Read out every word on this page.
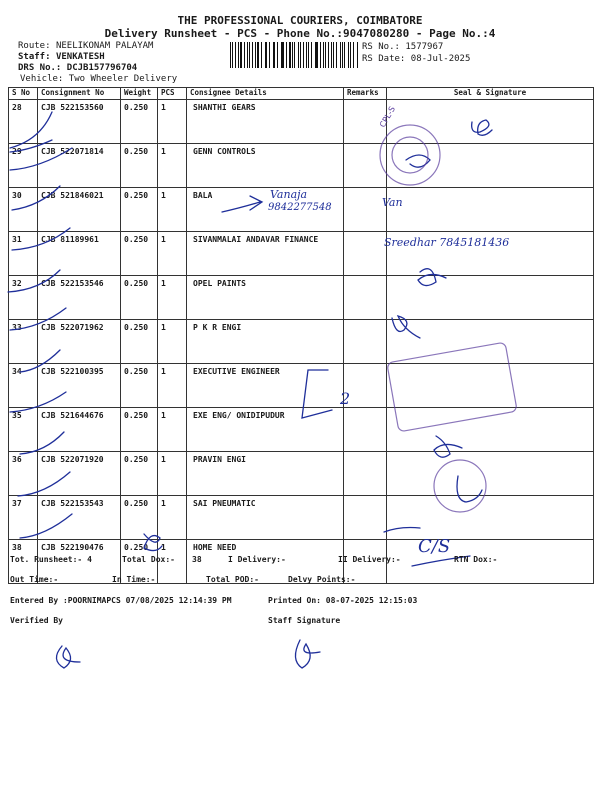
THE PROFESSIONAL COURIERS, COIMBATORE
Delivery Runsheet - PCS - Phone No.:9047080280 - Page No.:4
Route: NEELIKONAM PALAYAM
Staff: VENKATESH
DRS No.: DCJB157796704
Vehicle: Two Wheeler Delivery
RS No.: 1577967
RS Date: 08-Jul-2025
S No	Consignment No	Weight	PCS	Consignee Details	Remarks	Seal & Signature
28	CJB 522153560	0.250	1	SHANTHI GEARS		
29	CJB 522071814	0.250	1	GENN CONTROLS		
30	CJB 521846021	0.250	1	BALA		
31	CJB 81189961	0.250	1	SIVANMALAI ANDAVAR FINANCE		
32	CJB 522153546	0.250	1	OPEL PAINTS		
33	CJB 522071962	0.250	1	P K R ENGI		
34	CJB 522100395	0.250	1	EXECUTIVE ENGINEER		
35	CJB 521644676	0.250	1	EXE ENG/ ONIDIPUDUR		
36	CJB 522071920	0.250	1	PRAVIN ENGI		
37	CJB 522153543	0.250	1	SAI PNEUMATIC		
38	CJB 522190476	0.250	1	HOME NEED		
Vanaja
9842277548	Van
Sreedhar 7845181436
2
C/S
CPL-S
Tot. Runsheet:- 4	Total Dox:- 38	I Delivery:-	II Delivery:-	RTN Dox:-
Out Time:-	In Time:-	Total POD:-	Delvy Points:-
Entered By :POORNIMAPCS 07/08/2025 12:14:39 PM	Printed On: 08-07-2025 12:15:03
Verified By	Staff Signature
